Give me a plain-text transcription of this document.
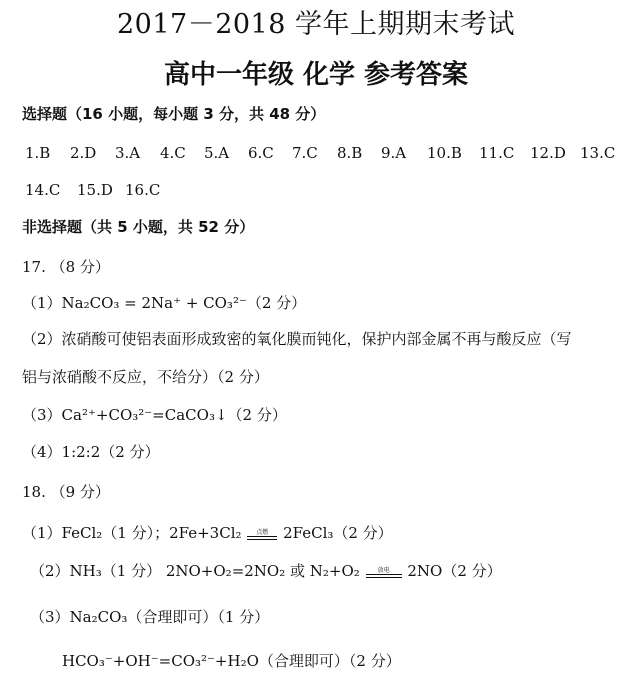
2017－2018 学年上期期末考试
高中一年级 化学 参考答案
选择题（16 小题，每小题 3 分，共 48 分）
1.B 2.D 3.A 4.C 5.A 6.C 7.C 8.B 9.A 10.B 11.C 12.D 13.C
14.C 15.D 16.C
非选择题（共 5 小题，共 52 分）
17. （8 分）
（1）Na₂CO₃ = 2Na⁺ + CO₃²⁻（2 分）
（2）浓硝酸可使铝表面形成致密的氧化膜而钝化，保护内部金属不再与酸反应（写
铝与浓硝酸不反应，不给分）（2 分）
（3）Ca²⁺+CO₃²⁻=CaCO₃↓（2 分）
（4）1:2:2（2 分）
18. （9 分）
（1）FeCl₂（1 分）；2Fe+3Cl₂	点燃 2FeCl₃（2 分）
（2）NH₃（1 分） 2NO+O₂=2NO₂ 或 N₂+O₂	放电	2NO（2 分）
（3）Na₂CO₃（合理即可）（1 分）
HCO₃⁻+OH⁻=CO₃²⁻+H₂O（合理即可）（2 分）
